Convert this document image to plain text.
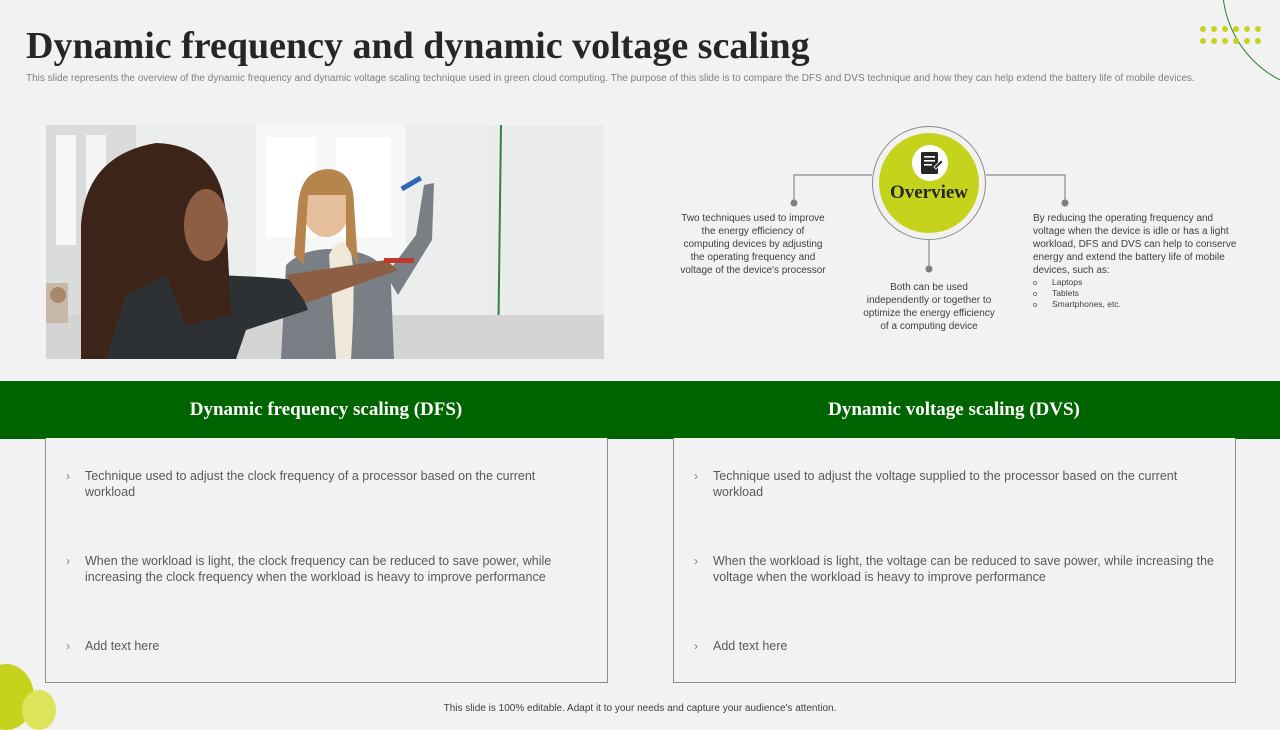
Dynamic frequency and dynamic voltage scaling

This slide represents the overview of the dynamic frequency and dynamic voltage scaling technique used in green cloud computing. The purpose of this slide is to compare the DFS and DVS technique and how they can help extend the battery life of mobile devices.

Overview
Two techniques used to improve the energy efficiency of computing devices by adjusting the operating frequency and voltage of the device's processor
Both can be used independently or together to optimize the energy efficiency of a computing device
By reducing the operating frequency and voltage when the device is idle or has a light workload, DFS and DVS can help to conserve energy and extend the battery life of mobile devices, such as:
o Laptops
o Tablets
o Smartphones, etc.
Dynamic frequency scaling (DFS)	Dynamic voltage scaling (DVS)
›	Technique used to adjust the clock frequency of a processor based on the current workload
›	When the workload is light, the clock frequency can be reduced to save power, while increasing the clock frequency when the workload is heavy to improve performance
›	Add text here
›	Technique used to adjust the voltage supplied to the processor based on the current workload
›	When the workload is light, the voltage can be reduced to save power, while increasing the voltage when the workload is heavy to improve performance
›	Add text here
This slide is 100% editable. Adapt it to your needs and capture your audience's attention.
